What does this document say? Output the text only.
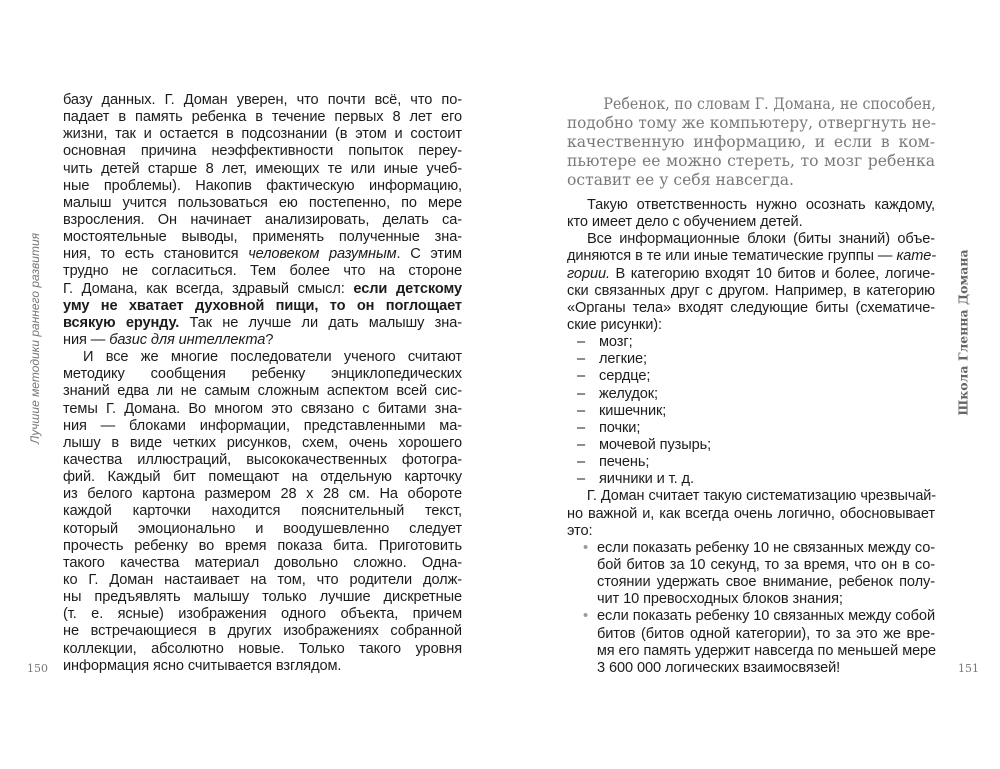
Лучшие методики раннего развития
150
базу данных. Г. Доман уверен, что почти всё, что по-
падает в память ребенка в течение первых 8 лет его
жизни, так и остается в подсознании (в этом и состоит
основная причина неэффективности попыток переу-
чить детей старше 8 лет, имеющих те или иные учеб-
ные проблемы). Накопив фактическую информацию,
малыш учится пользоваться ею постепенно, по мере
взросления. Он начинает анализировать, делать са-
мостоятельные выводы, применять полученные зна-
ния, то есть становится человеком разумным. С этим
трудно не согласиться. Тем более что на стороне
Г. Домана, как всегда, здравый смысл: если детскому
уму не хватает духовной пищи, то он поглощает
всякую ерунду. Так не лучше ли дать малышу зна-
ния — базис для интеллекта?
И все же многие последователи ученого считают
методику сообщения ребенку энциклопедических
знаний едва ли не самым сложным аспектом всей сис-
темы Г. Домана. Во многом это связано с битами зна-
ния — блоками информации, представленными ма-
лышу в виде четких рисунков, схем, очень хорошего
качества иллюстраций, высококачественных фотогра-
фий. Каждый бит помещают на отдельную карточку
из белого картона размером 28 x 28 см. На обороте
каждой карточки находится пояснительный текст,
который эмоционально и воодушевленно следует
прочесть ребенку во время показа бита. Приготовить
такого качества материал довольно сложно. Одна-
ко Г. Доман настаивает на том, что родители долж-
ны предъявлять малышу только лучшие дискретные
(т. е. ясные) изображения одного объекта, причем
не встречающиеся в других изображениях собранной
коллекции, абсолютно новые. Только такого уровня
информация ясно считывается взглядом.
Ребенок, по словам Г. Домана, не способен,
подобно тому же компьютеру, отвергнуть не-
качественную информацию, и если в ком-
пьютере ее можно стереть, то мозг ребенка
оставит ее у себя навсегда.
Такую ответственность нужно осознать каждому,
кто имеет дело с обучением детей.
Все информационные блоки (биты знаний) объе-
диняются в те или иные тематические группы — кате-
гории. В категорию входят 10 битов и более, логиче-
ски связанных друг с другом. Например, в категорию
«Органы тела» входят следующие биты (схематиче-
ские рисунки):
– мозг;
– легкие;
– сердце;
– желудок;
– кишечник;
– почки;
– мочевой пузырь;
– печень;
– яичники и т. д.
Г. Доман считает такую систематизацию чрезвычай-
но важной и, как всегда очень логично, обосновывает
это:
• если показать ребенку 10 не связанных между со-
бой битов за 10 секунд, то за время, что он в со-
стоянии удержать свое внимание, ребенок полу-
чит 10 превосходных блоков знания;
• если показать ребенку 10 связанных между собой
битов (битов одной категории), то за это же вре-
мя его память удержит навсегда по меньшей мере
3 600 000 логических взаимосвязей!
Школа Гленна Домана
151
